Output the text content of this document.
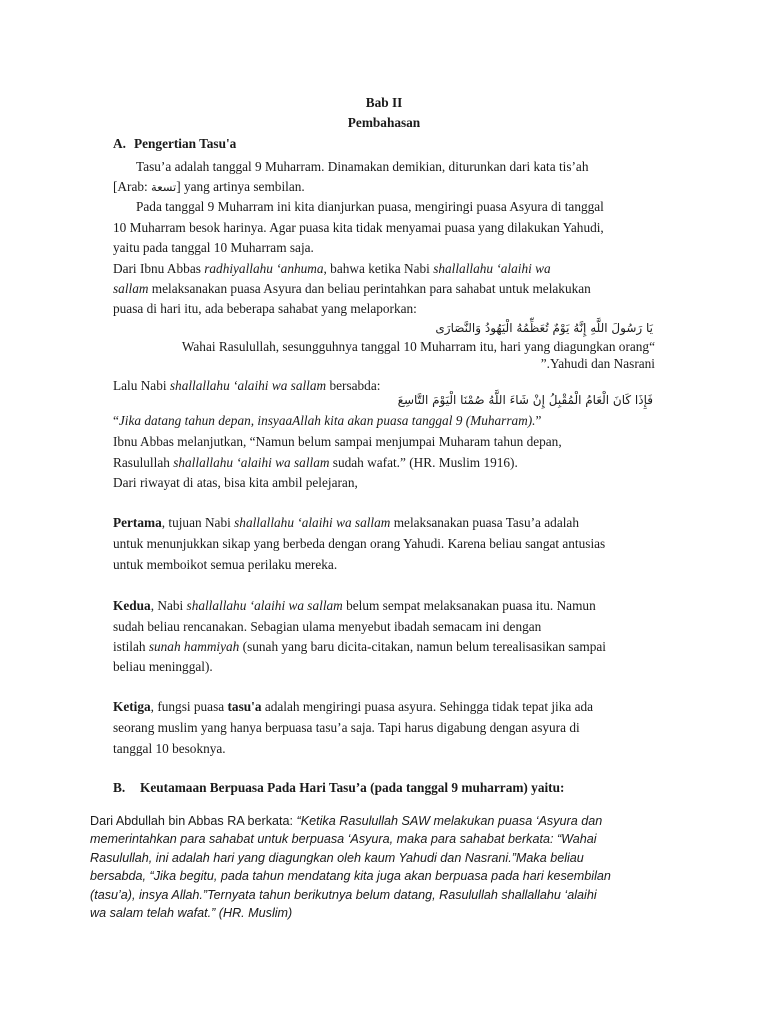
Bab II
Pembahasan
A. Pengertian Tasu'a
Tasu’a adalah tanggal 9 Muharram. Dinamakan demikian, diturunkan dari kata tis’ah
[Arab: تسعة] yang artinya sembilan.
Pada tanggal 9 Muharram ini kita dianjurkan puasa, mengiringi puasa Asyura di tanggal
10 Muharram besok harinya. Agar puasa kita tidak menyamai puasa yang dilakukan Yahudi,
yaitu pada tanggal 10 Muharram saja.
Dari Ibnu Abbas radhiyallahu ‘anhuma, bahwa ketika Nabi shallallahu ‘alaihi wa
sallam melaksanakan puasa Asyura dan beliau perintahkan para sahabat untuk melakukan
puasa di hari itu, ada beberapa sahabat yang melaporkan:
يَا رَسُولَ اللَّهِ إِنَّهُ يَوْمٌ تُعَظِّمُهُ الْيَهُودُ وَالنَّصَارَى
Wahai Rasulullah, sesungguhnya tanggal 10 Muharram itu, hari yang diagungkan orang“
”.Yahudi dan Nasrani
Lalu Nabi shallallahu ‘alaihi wa sallam bersabda:
فَإِذَا كَانَ الْعَامُ الْمُقْبِلُ إِنْ شَاءَ اللَّهُ صُمْنَا الْيَوْمَ التَّاسِعَ
“Jika datang tahun depan, insyaaAllah kita akan puasa tanggal 9 (Muharram).”
Ibnu Abbas melanjutkan, “Namun belum sampai menjumpai Muharam tahun depan,
Rasulullah shallallahu ‘alaihi wa sallam sudah wafat.” (HR. Muslim 1916).
Dari riwayat di atas, bisa kita ambil pelejaran,
Pertama, tujuan Nabi shallallahu ‘alaihi wa sallam melaksanakan puasa Tasu’a adalah
untuk menunjukkan sikap yang berbeda dengan orang Yahudi. Karena beliau sangat antusias
untuk memboikot semua perilaku mereka.
Kedua, Nabi shallallahu ‘alaihi wa sallam belum sempat melaksanakan puasa itu. Namun
sudah beliau rencanakan. Sebagian ulama menyebut ibadah semacam ini dengan
istilah sunah hammiyah (sunah yang baru dicita-citakan, namun belum terealisasikan sampai
beliau meninggal).
Ketiga, fungsi puasa tasu'a adalah mengiringi puasa asyura. Sehingga tidak tepat jika ada
seorang muslim yang hanya berpuasa tasu’a saja. Tapi harus digabung dengan asyura di
tanggal 10 besoknya.
B. Keutamaan Berpuasa Pada Hari Tasu’a (pada tanggal 9 muharram) yaitu:
Dari Abdullah bin Abbas RA berkata: “Ketika Rasulullah SAW melakukan puasa ‘Asyura dan
memerintahkan para sahabat untuk berpuasa ‘Asyura, maka para sahabat berkata: “Wahai
Rasulullah, ini adalah hari yang diagungkan oleh kaum Yahudi dan Nasrani.”Maka beliau
bersabda, “Jika begitu, pada tahun mendatang kita juga akan berpuasa pada hari kesembilan
(tasu’a), insya Allah.”Ternyata tahun berikutnya belum datang, Rasulullah shallallahu ‘alaihi
wa salam telah wafat.” (HR. Muslim)
